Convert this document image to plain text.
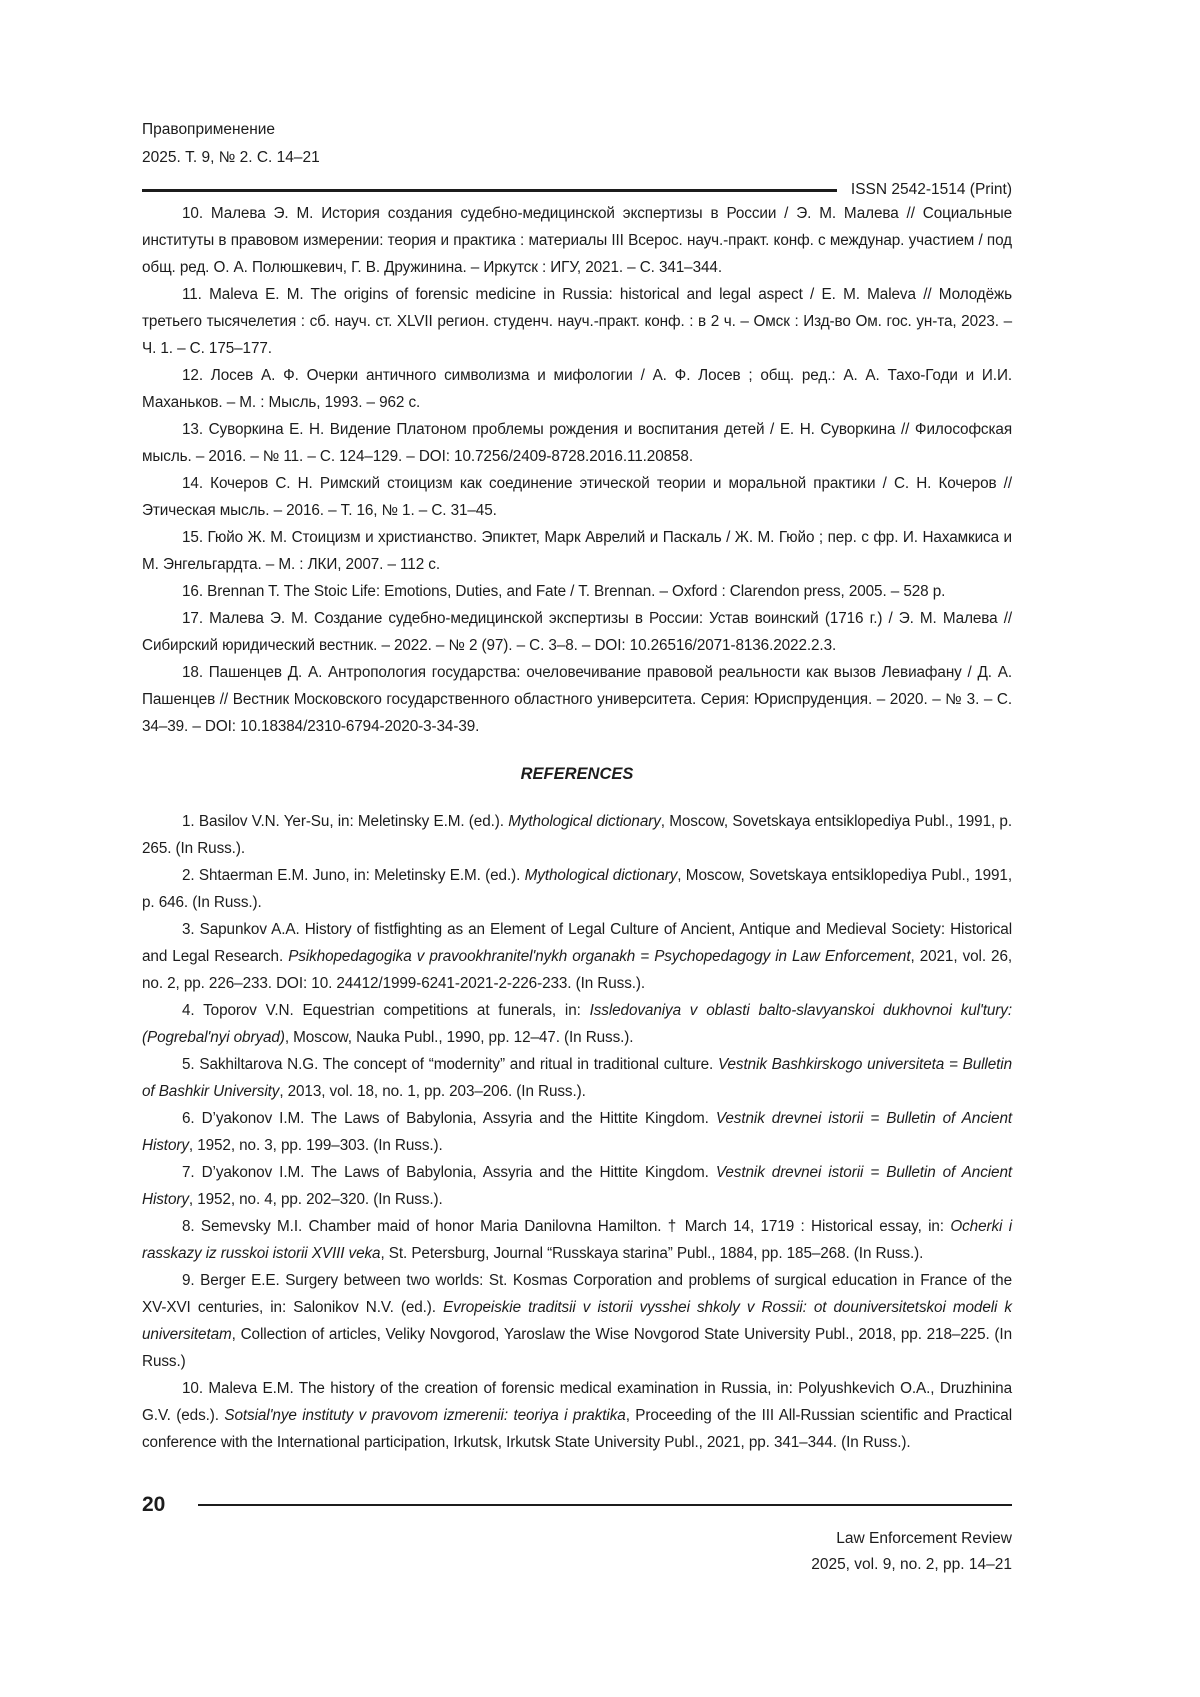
Правоприменение
2025. Т. 9, № 2. С. 14–21
ISSN 2542-1514 (Print)

10. Малева Э. М. История создания судебно-медицинской экспертизы в России / Э. М. Малева // Социальные институты в правовом измерении: теория и практика : материалы III Всерос. науч.-практ. конф. с междунар. участием / под общ. ред. О. А. Полюшкевич, Г. В. Дружинина. – Иркутск : ИГУ, 2021. – С. 341–344.

11. Maleva E. M. The origins of forensic medicine in Russia: historical and legal aspect / E. M. Maleva // Молодёжь третьего тысячелетия : сб. науч. ст. XLVII регион. студенч. науч.-практ. конф. : в 2 ч. – Омск : Изд-во Ом. гос. ун-та, 2023. – Ч. 1. – С. 175–177.

12. Лосев А. Ф. Очерки античного символизма и мифологии / А. Ф. Лосев ; общ. ред.: А. А. Тахо-Годи и И.И. Маханьков. – М. : Мысль, 1993. – 962 с.

13. Суворкина Е. Н. Видение Платоном проблемы рождения и воспитания детей / Е. Н. Суворкина // Философская мысль. – 2016. – № 11. – С. 124–129. – DOI: 10.7256/2409-8728.2016.11.20858.

14. Кочеров С. Н. Римский стоицизм как соединение этической теории и моральной практики / С. Н. Кочеров // Этическая мысль. – 2016. – Т. 16, № 1. – С. 31–45.

15. Гюйо Ж. М. Стоицизм и христианство. Эпиктет, Марк Аврелий и Паскаль / Ж. М. Гюйо ; пер. с фр. И. Нахамкиса и М. Энгельгардта. – М. : ЛКИ, 2007. – 112 с.

16. Brennan T. The Stoic Life: Emotions, Duties, and Fate / T. Brennan. – Oxford : Clarendon press, 2005. – 528 p.

17. Малева Э. М. Создание судебно-медицинской экспертизы в России: Устав воинский (1716 г.) / Э. М. Малева // Сибирский юридический вестник. – 2022. – № 2 (97). – С. 3–8. – DOI: 10.26516/2071-8136.2022.2.3.

18. Пашенцев Д. А. Антропология государства: очеловечивание правовой реальности как вызов Левиафану / Д. А. Пашенцев // Вестник Московского государственного областного университета. Серия: Юриспруденция. – 2020. – № 3. – С. 34–39. – DOI: 10.18384/2310-6794-2020-3-34-39.

REFERENCES

1. Basilov V.N. Yer-Su, in: Meletinsky E.M. (ed.). Mythological dictionary, Moscow, Sovetskaya entsiklopediya Publ., 1991, p. 265. (In Russ.).

2. Shtaerman E.M. Juno, in: Meletinsky E.M. (ed.). Mythological dictionary, Moscow, Sovetskaya entsiklopediya Publ., 1991, p. 646. (In Russ.).

3. Sapunkov A.A. History of fistfighting as an Element of Legal Culture of Ancient, Antique and Medieval Society: Historical and Legal Research. Psikhopedagogika v pravookhranitel'nykh organakh = Psychopedagogy in Law Enforcement, 2021, vol. 26, no. 2, pp. 226–233. DOI: 10. 24412/1999-6241-2021-2-226-233. (In Russ.).

4. Toporov V.N. Equestrian competitions at funerals, in: Issledovaniya v oblasti balto-slavyanskoi dukhovnoi kul'tury: (Pogrebal'nyi obryad), Moscow, Nauka Publ., 1990, pp. 12–47. (In Russ.).

5. Sakhiltarova N.G. The concept of “modernity” and ritual in traditional culture. Vestnik Bashkirskogo universiteta = Bulletin of Bashkir University, 2013, vol. 18, no. 1, pp. 203–206. (In Russ.).

6. D’yakonov I.M. The Laws of Babylonia, Assyria and the Hittite Kingdom. Vestnik drevnei istorii = Bulletin of Ancient History, 1952, no. 3, pp. 199–303. (In Russ.).

7. D’yakonov I.M. The Laws of Babylonia, Assyria and the Hittite Kingdom. Vestnik drevnei istorii = Bulletin of Ancient History, 1952, no. 4, pp. 202–320. (In Russ.).

8. Semevsky M.I. Chamber maid of honor Maria Danilovna Hamilton. † March 14, 1719 : Historical essay, in: Ocherki i rasskazy iz russkoi istorii XVIII veka, St. Petersburg, Journal “Russkaya starina” Publ., 1884, pp. 185–268. (In Russ.).

9. Berger E.E. Surgery between two worlds: St. Kosmas Corporation and problems of surgical education in France of the XV-XVI centuries, in: Salonikov N.V. (ed.). Evropeiskie traditsii v istorii vysshei shkoly v Rossii: ot douniversitetskoi modeli k universitetam, Collection of articles, Veliky Novgorod, Yaroslaw the Wise Novgorod State University Publ., 2018, pp. 218–225. (In Russ.)

10. Maleva E.M. The history of the creation of forensic medical examination in Russia, in: Polyushkevich O.A., Druzhinina G.V. (eds.). Sotsial'nye instituty v pravovom izmerenii: teoriya i praktika, Proceeding of the III All-Russian scientific and Practical conference with the International participation, Irkutsk, Irkutsk State University Publ., 2021, pp. 341–344. (In Russ.).

20
Law Enforcement Review
2025, vol. 9, no. 2, pp. 14–21
